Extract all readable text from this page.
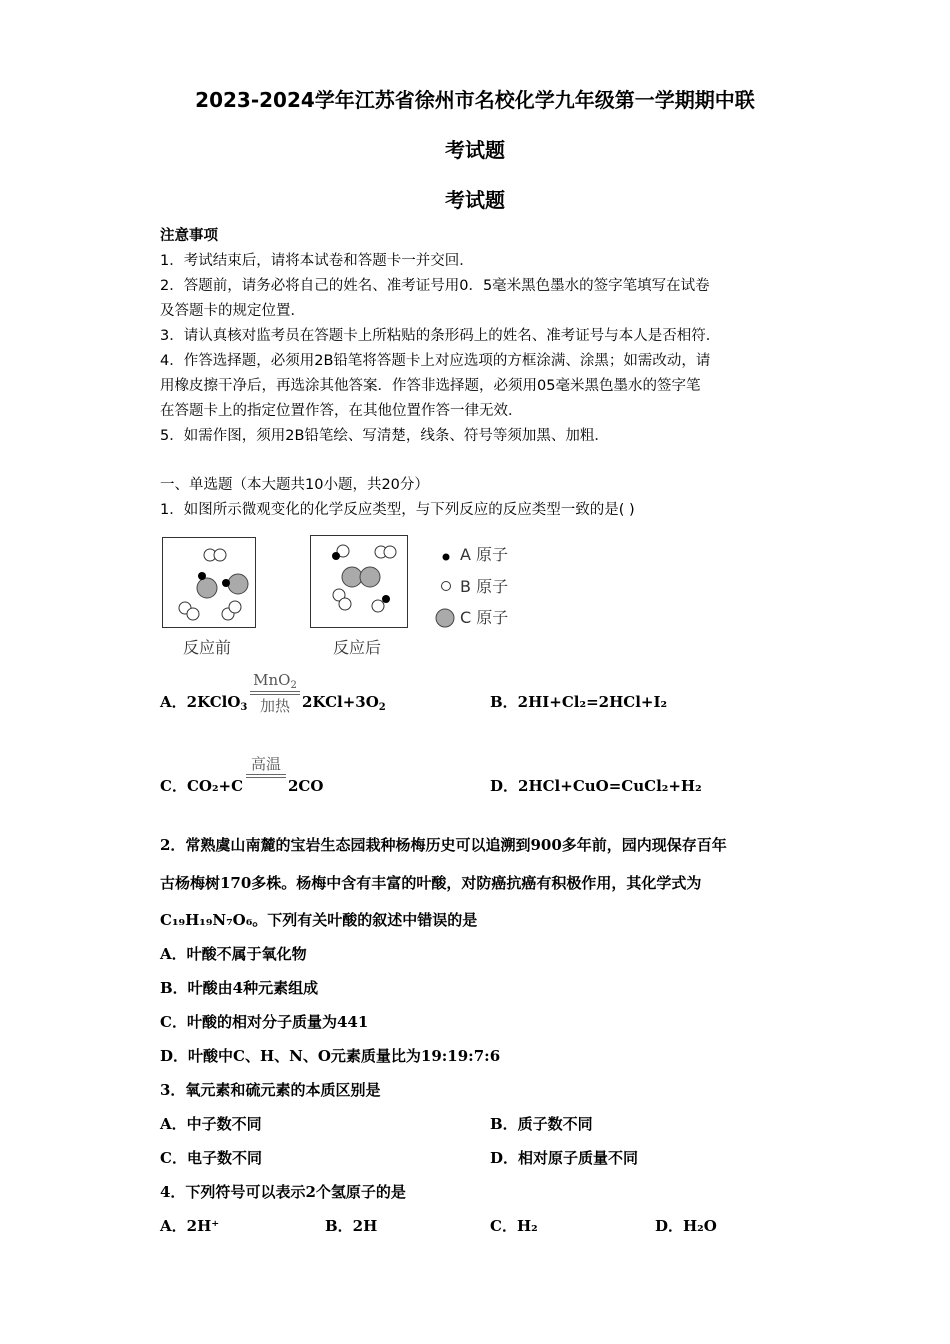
2023-2024学年江苏省徐州市名校化学九年级第一学期期中联
考试题
考试题
注意事项
1．考试结束后，请将本试卷和答题卡一并交回．
2．答题前，请务必将自己的姓名、准考证号用0．5毫米黑色墨水的签字笔填写在试卷
及答题卡的规定位置．
3．请认真核对监考员在答题卡上所粘贴的条形码上的姓名、准考证号与本人是否相符．
4．作答选择题，必须用2B铅笔将答题卡上对应选项的方框涂满、涂黑；如需改动，请
用橡皮擦干净后，再选涂其他答案．作答非选择题，必须用05毫米黑色墨水的签字笔
在答题卡上的指定位置作答，在其他位置作答一律无效．
5．如需作图，须用2B铅笔绘、写清楚，线条、符号等须加黑、加粗．
一、单选题（本大题共10小题，共20分）
1．如图所示微观变化的化学反应类型，与下列反应的反应类型一致的是( )
反应前	反应后
A 原子
B 原子
C 原子
A．2KClO$_3$
MnO$_2$
加热 $2KCl+3O_2$	B．2HI+Cl₂=2HCl+I₂
C．CO₂+C
高温
2CO	D．2HCl+CuO=CuCl₂+H₂
2．常熟虞山南麓的宝岩生态园栽种杨梅历史可以追溯到900多年前，园内现保存百年
古杨梅树170多株。杨梅中含有丰富的叶酸，对防癌抗癌有积极作用，其化学式为
C₁₉H₁₉N₇O₆。下列有关叶酸的叙述中错误的是
A．叶酸不属于氧化物
B．叶酸由4种元素组成
C．叶酸的相对分子质量为441
D．叶酸中C、H、N、O元素质量比为19:19:7:6
3．氧元素和硫元素的本质区别是
A．中子数不同	B．质子数不同
C．电子数不同	D．相对原子质量不同
4．下列符号可以表示2个氢原子的是
A．2H⁺	B．2H	C．H₂	D．H₂O
